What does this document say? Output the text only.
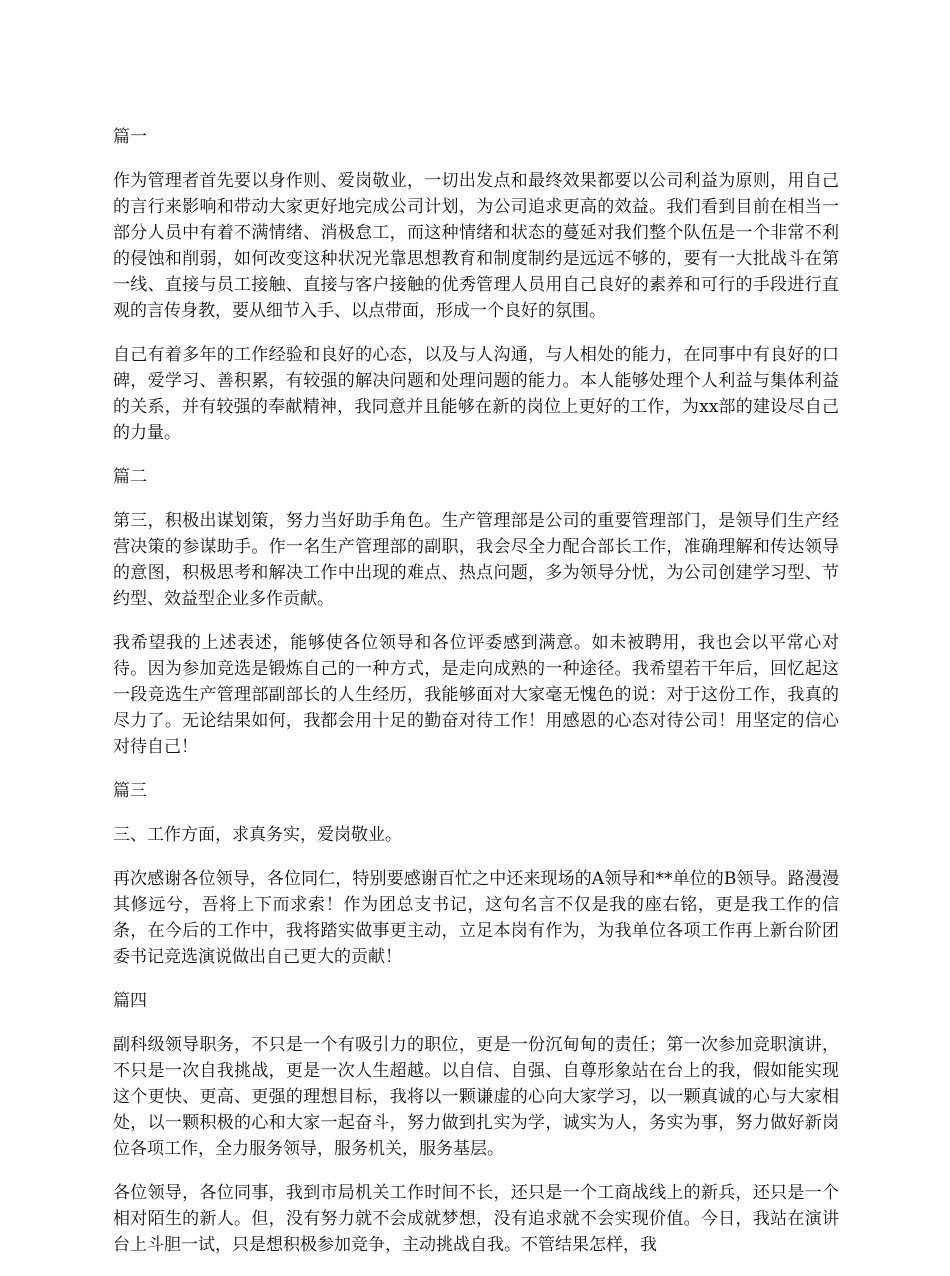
篇一

作为管理者首先要以身作则、爱岗敬业，一切出发点和最终效果都要以公司利益为原则，用自己的言行来影响和带动大家更好地完成公司计划，为公司追求更高的效益。我们看到目前在相当一部分人员中有着不满情绪、消极怠工，而这种情绪和状态的蔓延对我们整个队伍是一个非常不利的侵蚀和削弱，如何改变这种状况光靠思想教育和制度制约是远远不够的，要有一大批战斗在第一线、直接与员工接触、直接与客户接触的优秀管理人员用自己良好的素养和可行的手段进行直观的言传身教，要从细节入手、以点带面，形成一个良好的氛围。

自己有着多年的工作经验和良好的心态，以及与人沟通，与人相处的能力，在同事中有良好的口碑，爱学习、善积累，有较强的解决问题和处理问题的能力。本人能够处理个人利益与集体利益的关系，并有较强的奉献精神，我同意并且能够在新的岗位上更好的工作，为xx部的建设尽自己的力量。

篇二

第三，积极出谋划策，努力当好助手角色。生产管理部是公司的重要管理部门，是领导们生产经营决策的参谋助手。作一名生产管理部的副职，我会尽全力配合部长工作，准确理解和传达领导的意图，积极思考和解决工作中出现的难点、热点问题，多为领导分忧，为公司创建学习型、节约型、效益型企业多作贡献。

我希望我的上述表述，能够使各位领导和各位评委感到满意。如未被聘用，我也会以平常心对待。因为参加竞选是锻炼自己的一种方式，是走向成熟的一种途径。我希望若干年后，回忆起这一段竞选生产管理部副部长的人生经历，我能够面对大家毫无愧色的说：对于这份工作，我真的尽力了。无论结果如何，我都会用十足的勤奋对待工作！用感恩的心态对待公司！用坚定的信心对待自己！

篇三

三、工作方面，求真务实，爱岗敬业。

再次感谢各位领导，各位同仁，特别要感谢百忙之中还来现场的A领导和**单位的B领导。路漫漫其修远兮，吾将上下而求索！作为团总支书记，这句名言不仅是我的座右铭，更是我工作的信条，在今后的工作中，我将踏实做事更主动，立足本岗有作为，为我单位各项工作再上新台阶团委书记竞选演说做出自己更大的贡献！

篇四

副科级领导职务，不只是一个有吸引力的职位，更是一份沉甸甸的责任；第一次参加竞职演讲，不只是一次自我挑战，更是一次人生超越。以自信、自强、自尊形象站在台上的我，假如能实现这个更快、更高、更强的理想目标，我将以一颗谦虚的心向大家学习，以一颗真诚的心与大家相处，以一颗积极的心和大家一起奋斗，努力做到扎实为学，诚实为人，务实为事，努力做好新岗位各项工作，全力服务领导，服务机关，服务基层。

各位领导，各位同事，我到市局机关工作时间不长，还只是一个工商战线上的新兵，还只是一个相对陌生的新人。但，没有努力就不会成就梦想，没有追求就不会实现价值。今日，我站在演讲台上斗胆一试，只是想积极参加竞争，主动挑战自我。不管结果怎样，我
